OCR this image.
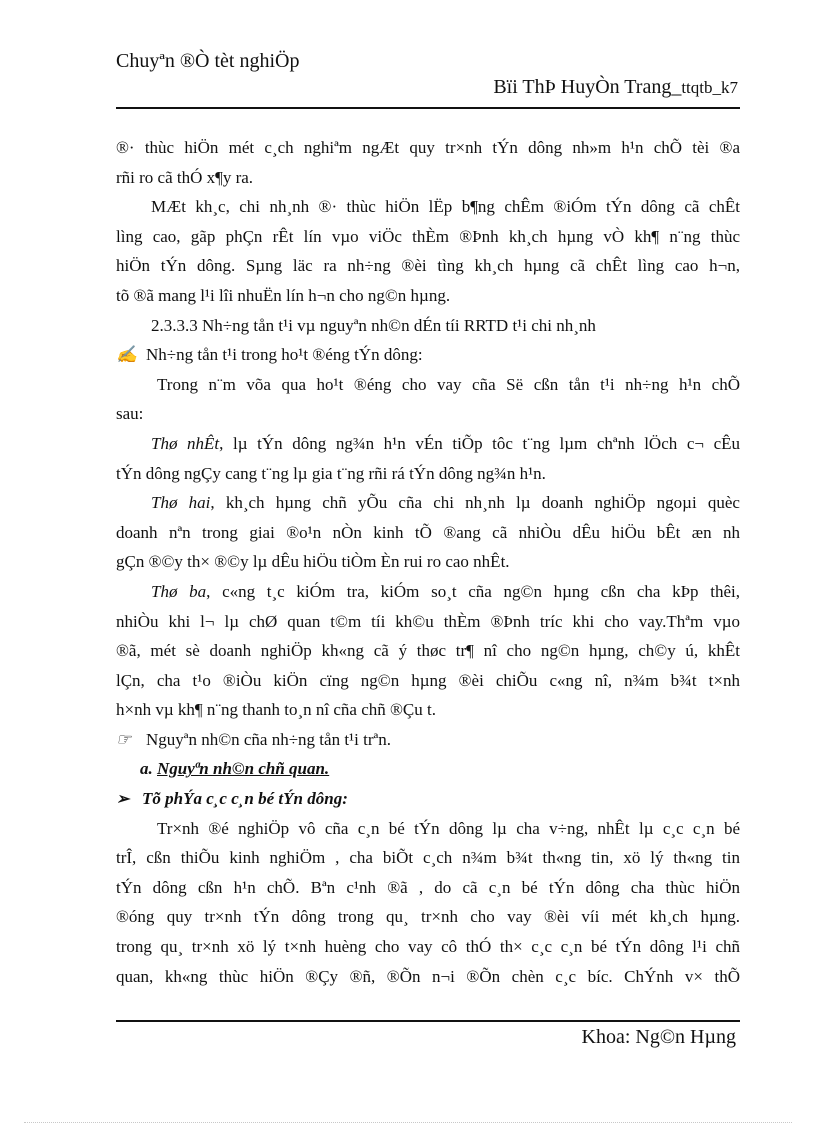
Chuyªn ®Ò tèt nghiÖp
Bïi ThÞ HuyÒn Trang_ttqtb_k7
®· thùc hiÖn mét c¸ch nghiªm ngÆt quy tr×nh tÝn dông nh»m h¹n chÕ tèi ®a
rñi ro cã thÓ x¶y ra.
MÆt kh¸c, chi nh¸nh ®· thùc hiÖn lËp b¶ng chÊm ®iÓm tÝn dông cã chÊt
lìng cao, gãp phÇn rÊt lín vµo viÖc thÈm ®Þnh kh¸ch hµng vÒ kh¶ n¨ng thùc
hiÖn tÝn dông. Sµng läc ra nh÷ng ®èi tìng kh¸ch hµng cã chÊt lìng cao h¬n,
tõ ®ã mang l¹i lîi nhuËn lín h¬n cho ng©n hµng.
2.3.3.3 Nh÷ng tån t¹i vµ nguyªn nh©n dÉn tíi RRTD t¹i chi nh¸nh
✍ Nh÷ng tån t¹i trong ho¹t ®éng tÝn dông:
Trong n¨m võa qua ho¹t ®éng cho vay cña Së cßn tån t¹i nh÷ng h¹n chÕ
sau:
Thø nhÊt, lµ tÝn dông ng¾n h¹n vÉn tiÕp tôc t¨ng lµm chªnh lÖch c¬ cÊu
tÝn dông ngÇy cang t¨ng lµ gia t¨ng rñi rá tÝn dông ng¾n h¹n.
Thø hai, kh¸ch hµng chñ yÕu cña chi nh¸nh lµ doanh nghiÖp ngoµi quèc
doanh nªn trong giai ®o¹n nÒn kinh tÕ ®ang cã nhiÒu dÊu hiÖu bÊt æn nh
gÇn ®©y th× ®©y lµ dÊu hiÖu tiÒm Èn rui ro cao nhÊt.
Thø ba, c«ng t¸c kiÓm tra, kiÓm so¸t cña ng©n hµng cßn cha kÞp thêi,
nhiÒu khi l¬ lµ chØ quan t©m tíi kh©u thÈm ®Þnh tríc khi cho vay.Thªm vµo
®ã, mét sè doanh nghiÖp kh«ng cã ý thøc tr¶ nî cho ng©n hµng, ch©y ú, khÊt
lÇn, cha t¹o ®iÒu kiÖn cïng ng©n hµng ®èi chiÕu c«ng nî, n¾m b¾t t×nh
h×nh vµ kh¶ n¨ng thanh to¸n nî cña chñ ®Çu t.
☞ Nguyªn nh©n cña nh÷ng tån t¹i trªn.
a. Nguyªn nh©n chñ quan.
➢ Tõ phÝa c¸c c¸n bé tÝn dông:
Tr×nh ®é nghiÖp vô cña c¸n bé tÝn dông lµ cha v÷ng, nhÊt lµ c¸c c¸n bé
trÎ, cßn thiÕu kinh nghiÖm , cha biÕt c¸ch n¾m b¾t th«ng tin, xö lý th«ng tin
tÝn dông cßn h¹n chÕ. Bªn c¹nh ®ã , do cã c¸n bé tÝn dông cha thùc hiÖn
®óng quy tr×nh tÝn dông trong qu¸ tr×nh cho vay ®èi víi mét kh¸ch hµng.
trong qu¸ tr×nh xö lý t×nh huèng cho vay cô thÓ th× c¸c c¸n bé tÝn dông l¹i chñ
quan, kh«ng thùc hiÖn ®Çy ®ñ, ®Õn n¬i ®Õn chèn c¸c bíc. ChÝnh v× thÕ
Khoa: Ng©n Hµng
